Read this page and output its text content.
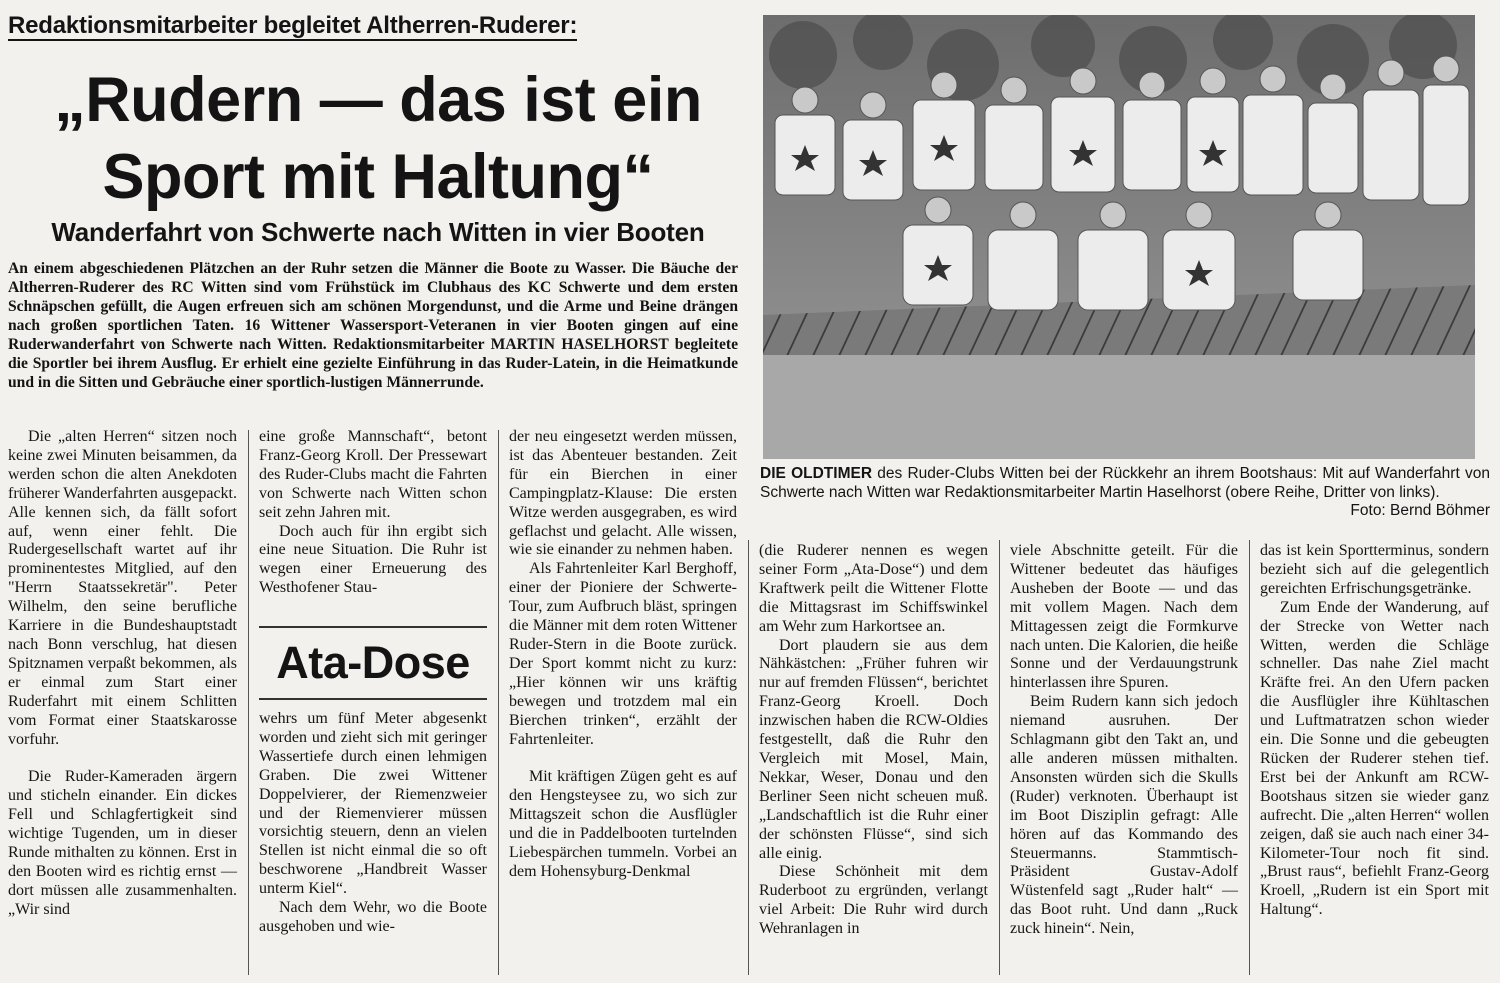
Redaktionsmitarbeiter begleitet Altherren-Ruderer:
„Rudern — das ist ein
Sport mit Haltung“
Wanderfahrt von Schwerte nach Witten in vier Booten
An einem abgeschiedenen Plätzchen an der Ruhr setzen die Männer die Boote zu Wasser. Die Bäuche der Altherren-Ruderer des RC Witten sind vom Frühstück im Clubhaus des KC Schwerte und dem ersten Schnäpschen gefüllt, die Augen erfreuen sich am schönen Morgendunst, und die Arme und Beine drängen nach großen sportlichen Taten. 16 Wittener Wassersport-Veteranen in vier Booten gingen auf eine Ruderwanderfahrt von Schwerte nach Witten. Redaktionsmitarbeiter MARTIN HASELHORST begleitete die Sportler bei ihrem Ausflug. Er erhielt eine gezielte Einführung in das Ruder-Latein, in die Heimatkunde und in die Sitten und Gebräuche einer sportlich-lustigen Männerrunde.

Die „alten Herren“ sitzen noch keine zwei Minuten beisammen, da werden schon die alten Anekdoten früherer Wanderfahrten ausgepackt. Alle kennen sich, da fällt sofort auf, wenn einer fehlt. Die Rudergesellschaft wartet auf ihr prominentestes Mitglied, auf den "Herrn Staatssekretär". Peter Wilhelm, den seine berufliche Karriere in die Bundeshauptstadt nach Bonn verschlug, hat diesen Spitznamen verpaßt bekommen, als er einmal zum Start einer Ruderfahrt mit einem Schlitten vom Format einer Staatskarosse vorfuhr.

Die Ruder-Kameraden ärgern und sticheln einander. Ein dickes Fell und Schlagfertigkeit sind wichtige Tugenden, um in dieser Runde mithalten zu können. Erst in den Booten wird es richtig ernst — dort müssen alle zusammenhalten. „Wir sind

eine große Mannschaft“, betont Franz-Georg Kroll. Der Pressewart des Ruder-Clubs macht die Fahrten von Schwerte nach Witten schon seit zehn Jahren mit.

Doch auch für ihn ergibt sich eine neue Situation. Die Ruhr ist wegen einer Erneuerung des Westhofener Stau-

Ata-Dose

wehrs um fünf Meter abgesenkt worden und zieht sich mit geringer Wassertiefe durch einen lehmigen Graben. Die zwei Wittener Doppelvierer, der Riemenzweier und der Riemenvierer müssen vorsichtig steuern, denn an vielen Stellen ist nicht einmal die so oft beschworene „Handbreit Wasser unterm Kiel“.

Nach dem Wehr, wo die Boote ausgehoben und wie-

der neu eingesetzt werden müssen, ist das Abenteuer bestanden. Zeit für ein Bierchen in einer Campingplatz-Klause: Die ersten Witze werden ausgegraben, es wird geflachst und gelacht. Alle wissen, wie sie einander zu nehmen haben.

Als Fahrtenleiter Karl Berghoff, einer der Pioniere der Schwerte-Tour, zum Aufbruch bläst, springen die Männer mit dem roten Wittener Ruder-Stern in die Boote zurück. Der Sport kommt nicht zu kurz: „Hier können wir uns kräftig bewegen und trotzdem mal ein Bierchen trinken“, erzählt der Fahrtenleiter.

Mit kräftigen Zügen geht es auf den Hengsteysee zu, wo sich zur Mittagszeit schon die Ausflügler und die in Paddelbooten turtelnden Liebespärchen tummeln. Vorbei an dem Hohensyburg-Denkmal

DIE OLDTIMER des Ruder-Clubs Witten bei der Rückkehr an ihrem Bootshaus: Mit auf Wanderfahrt von Schwerte nach Witten war Redaktionsmitarbeiter Martin Haselhorst (obere Reihe, Dritter von links).
Foto: Bernd Böhmer

(die Ruderer nennen es wegen seiner Form „Ata-Dose“) und dem Kraftwerk peilt die Wittener Flotte die Mittagsrast im Schiffswinkel am Wehr zum Harkortsee an.

Dort plaudern sie aus dem Nähkästchen: „Früher fuhren wir nur auf fremden Flüssen“, berichtet Franz-Georg Kroell. Doch inzwischen haben die RCW-Oldies festgestellt, daß die Ruhr den Vergleich mit Mosel, Main, Nekkar, Weser, Donau und den Berliner Seen nicht scheuen muß. „Landschaftlich ist die Ruhr einer der schönsten Flüsse“, sind sich alle einig.

Diese Schönheit mit dem Ruderboot zu ergründen, verlangt viel Arbeit: Die Ruhr wird durch Wehranlagen in

viele Abschnitte geteilt. Für die Wittener bedeutet das häufiges Ausheben der Boote — und das mit vollem Magen. Nach dem Mittagessen zeigt die Formkurve nach unten. Die Kalorien, die heiße Sonne und der Verdauungstrunk hinterlassen ihre Spuren.

Beim Rudern kann sich jedoch niemand ausruhen. Der Schlagmann gibt den Takt an, und alle anderen müssen mithalten. Ansonsten würden sich die Skulls (Ruder) verknoten. Überhaupt ist im Boot Disziplin gefragt: Alle hören auf das Kommando des Steuermanns. Stammtisch-Präsident Gustav-Adolf Wüstenfeld sagt „Ruder halt“ — das Boot ruht. Und dann „Ruck zuck hinein“. Nein,

das ist kein Sportterminus, sondern bezieht sich auf die gelegentlich gereichten Erfrischungsgetränke.

Zum Ende der Wanderung, auf der Strecke von Wetter nach Witten, werden die Schläge schneller. Das nahe Ziel macht Kräfte frei. An den Ufern packen die Ausflügler ihre Kühltaschen und Luftmatratzen schon wieder ein. Die Sonne und die gebeugten Rücken der Ruderer stehen tief. Erst bei der Ankunft am RCW-Bootshaus sitzen sie wieder ganz aufrecht. Die „alten Herren“ wollen zeigen, daß sie auch nach einer 34-Kilometer-Tour noch fit sind. „Brust raus“, befiehlt Franz-Georg Kroell, „Rudern ist ein Sport mit Haltung“.
